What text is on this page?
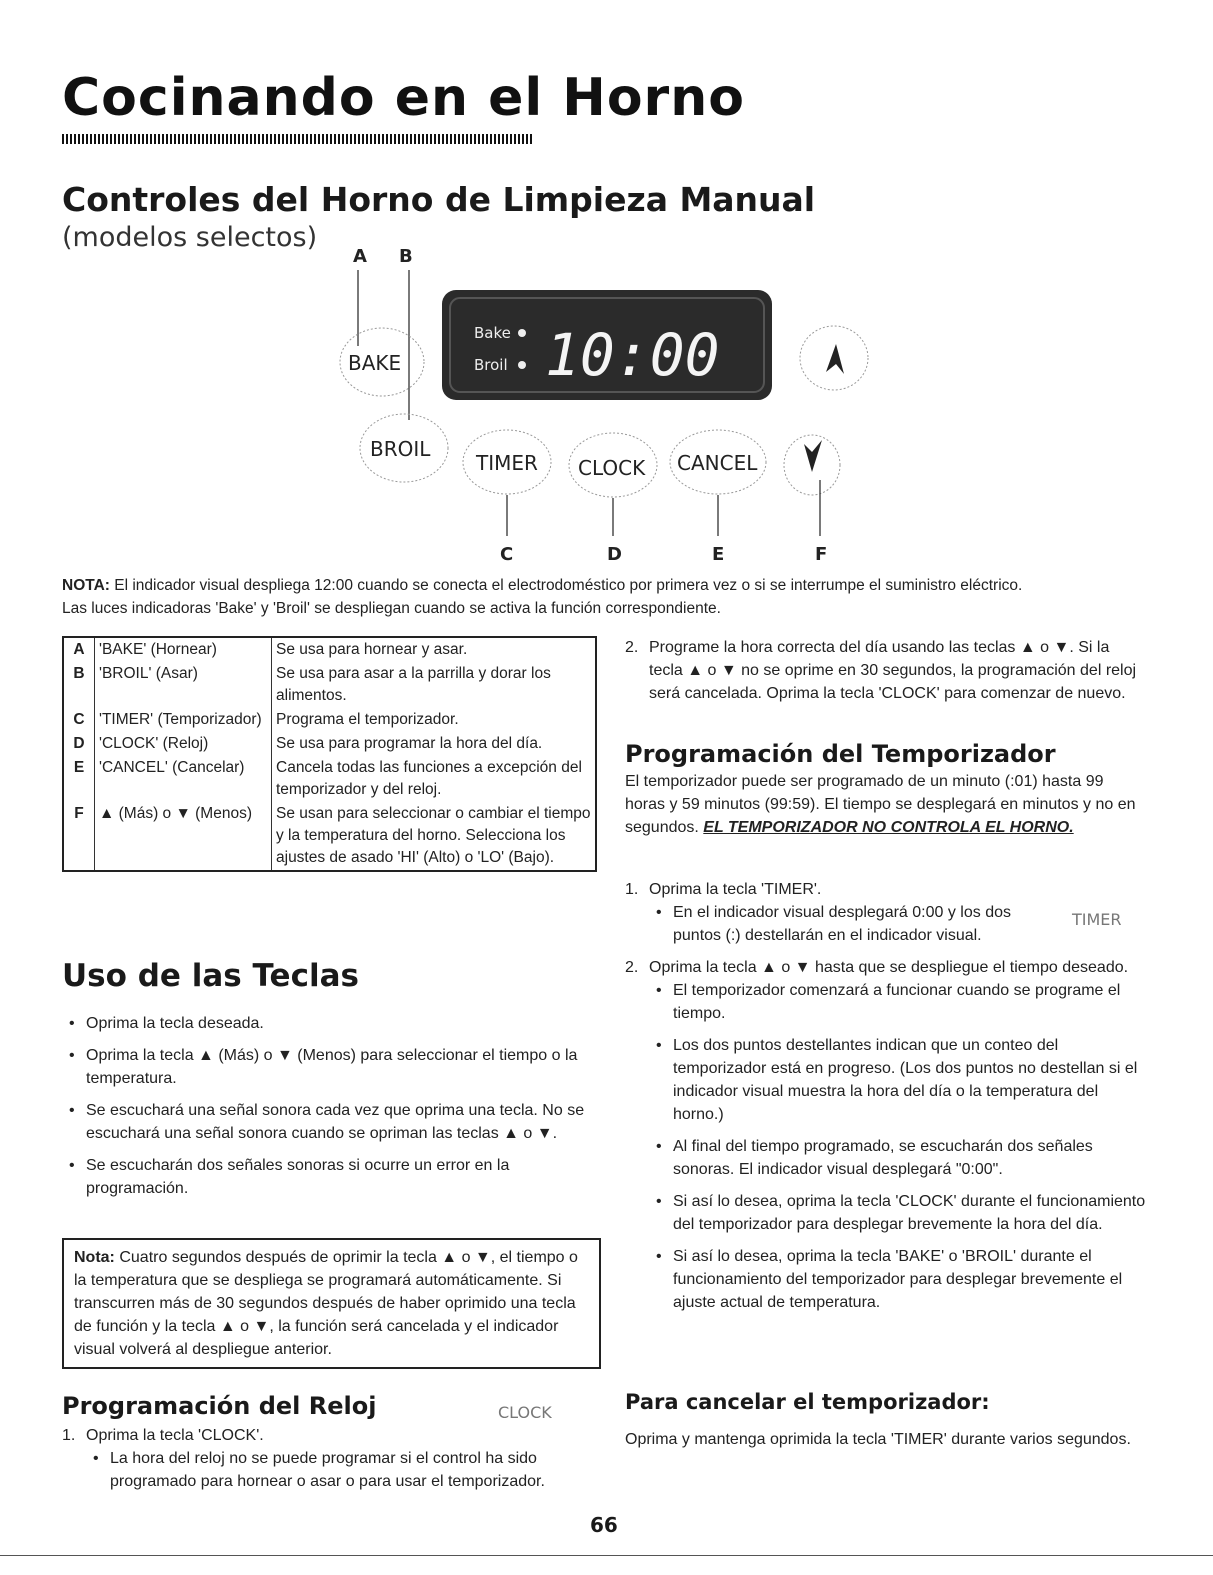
Cocinando en el Horno
Controles del Horno de Limpieza Manual
(modelos selectos)
A B
Bake
Broil 10:00
BAKE
BROIL
TIMER CLOCK CANCEL
C	D	E	F

NOTA: El indicador visual despliega 12:00 cuando se conecta el electrodoméstico por primera vez o si se interrumpe el suministro eléctrico.
Las luces indicadoras 'Bake' y 'Broil' se despliegan cuando se activa la función correspondiente.

A	'BAKE' (Hornear)	Se usa para hornear y asar.
B	'BROIL' (Asar)	Se usa para asar a la parrilla y dorar los alimentos.
C	'TIMER' (Temporizador)	Programa el temporizador.
D	'CLOCK' (Reloj)	Se usa para programar la hora del día.
E	'CANCEL' (Cancelar)	Cancela todas las funciones a excepción del temporizador y del reloj.
F	▲ (Más) o ▼ (Menos)	Se usan para seleccionar o cambiar el tiempo y la temperatura del horno. Selecciona los ajustes de asado 'HI' (Alto) o 'LO' (Bajo).
Uso de las Teclas
• Oprima la tecla deseada.
• Oprima la tecla ▲ (Más) o ▼ (Menos) para seleccionar el tiempo o la temperatura.
• Se escuchará una señal sonora cada vez que oprima una tecla. No se escuchará una señal sonora cuando se opriman las teclas ▲ o ▼.
• Se escucharán dos señales sonoras si ocurre un error en la programación.
Nota: Cuatro segundos después de oprimir la tecla ▲ o ▼, el tiempo o la temperatura que se despliega se programará automáticamente. Si transcurren más de 30 segundos después de haber oprimido una tecla de función y la tecla ▲ o ▼, la función será cancelada y el indicador visual volverá al despliegue anterior.
Programación del Reloj	CLOCK
1. Oprima la tecla 'CLOCK'.
• La hora del reloj no se puede programar si el control ha sido programado para hornear o asar o para usar el temporizador.
2. Programe la hora correcta del día usando las teclas ▲ o ▼. Si la tecla ▲ o ▼ no se oprime en 30 segundos, la programación del reloj será cancelada. Oprima la tecla 'CLOCK' para comenzar de nuevo.
Programación del Temporizador

El temporizador puede ser programado de un minuto (:01) hasta 99 horas y 59 minutos (99:59). El tiempo se desplegará en minutos y no en segundos. EL TEMPORIZADOR NO CONTROLA EL HORNO.

TIMER
1. Oprima la tecla 'TIMER'.
• En el indicador visual desplegará 0:00 y los dos puntos (:) destellarán en el indicador visual.
2. Oprima la tecla ▲ o ▼ hasta que se despliegue el tiempo deseado.
• El temporizador comenzará a funcionar cuando se programe el tiempo.
• Los dos puntos destellantes indican que un conteo del temporizador está en progreso. (Los dos puntos no destellan si el indicador visual muestra la hora del día o la temperatura del horno.)
• Al final del tiempo programado, se escucharán dos señales sonoras. El indicador visual desplegará "0:00".
• Si así lo desea, oprima la tecla 'CLOCK' durante el funcionamiento del temporizador para desplegar brevemente la hora del día.
• Si así lo desea, oprima la tecla 'BAKE' o 'BROIL' durante el funcionamiento del temporizador para desplegar brevemente el ajuste actual de temperatura.
Para cancelar el temporizador:

Oprima y mantenga oprimida la tecla 'TIMER' durante varios segundos.

66
